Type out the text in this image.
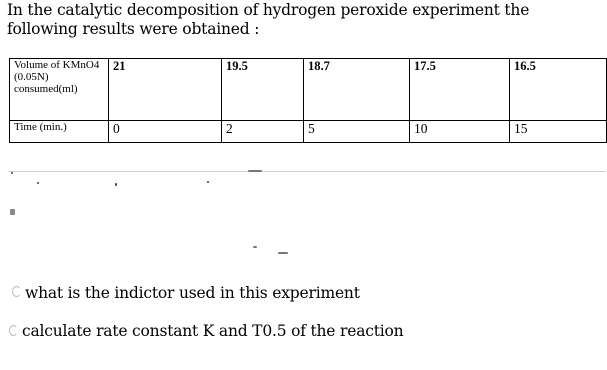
In the catalytic decomposition of hydrogen peroxide experiment the following results were obtained :
Volume of KMnO4 (0.05N) consumed(ml)	21	19.5	18.7	17.5	16.5
Time (min.)	0	2	5	10	15
what is the indictor used in this experiment
calculate rate constant K and T0.5 of the reaction
